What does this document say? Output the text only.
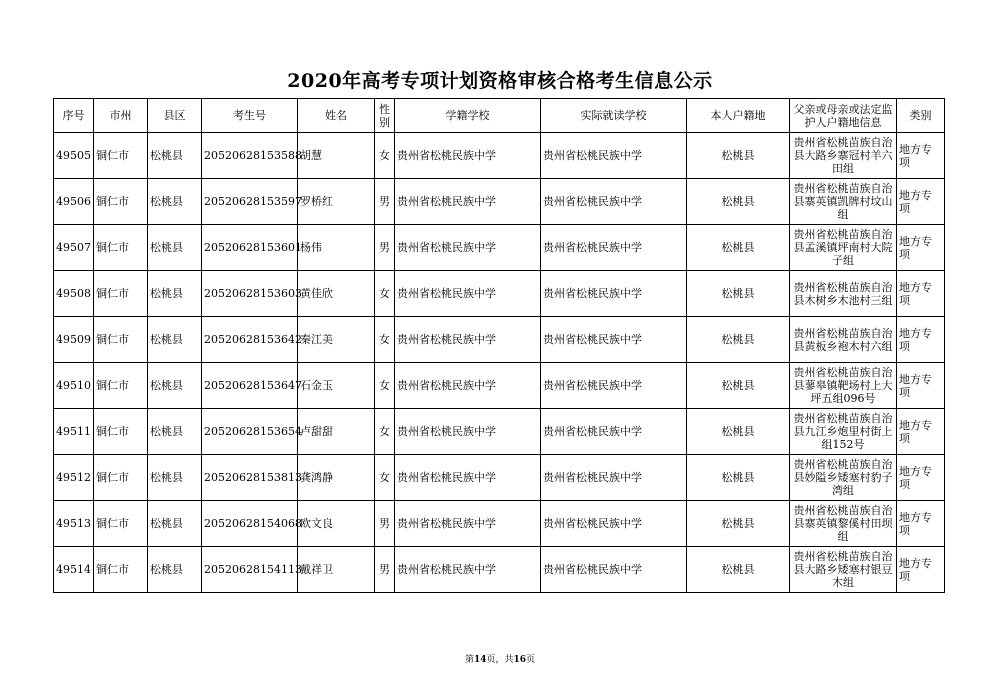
2020年高考专项计划资格审核合格考生信息公示
序号	市州	县区	考生号	姓名	性别	学籍学校	实际就读学校	本人户籍地	父亲或母亲或法定监护人户籍地信息	类别
49505	铜仁市	松桃县	20520628153588	胡慧	女	贵州省松桃民族中学	贵州省松桃民族中学	松桃县	贵州省松桃苗族自治县大路乡寨冠村羊六田组	地方专项
49506	铜仁市	松桃县	20520628153597	罗桥红	男	贵州省松桃民族中学	贵州省松桃民族中学	松桃县	贵州省松桃苗族自治县寨英镇凯牌村坟山组	地方专项
49507	铜仁市	松桃县	20520628153601	杨伟	男	贵州省松桃民族中学	贵州省松桃民族中学	松桃县	贵州省松桃苗族自治县孟溪镇坪南村大院子组	地方专项
49508	铜仁市	松桃县	20520628153603	黄佳欣	女	贵州省松桃民族中学	贵州省松桃民族中学	松桃县	贵州省松桃苗族自治县木树乡木池村三组	地方专项
49509	铜仁市	松桃县	20520628153642	秦江美	女	贵州省松桃民族中学	贵州省松桃民族中学	松桃县	贵州省松桃苗族自治县黄板乡袍木村六组	地方专项
49510	铜仁市	松桃县	20520628153647	石金玉	女	贵州省松桃民族中学	贵州省松桃民族中学	松桃县	贵州省松桃苗族自治县蓼皋镇靶场村上大坪五组096号	地方专项
49511	铜仁市	松桃县	20520628153654	卢甜甜	女	贵州省松桃民族中学	贵州省松桃民族中学	松桃县	贵州省松桃苗族自治县九江乡炮里村街上组152号	地方专项
49512	铜仁市	松桃县	20520628153813	龚鸿静	女	贵州省松桃民族中学	贵州省松桃民族中学	松桃县	贵州省松桃苗族自治县妙隘乡矮塞村豹子湾组	地方专项
49513	铜仁市	松桃县	20520628154068	欧文良	男	贵州省松桃民族中学	贵州省松桃民族中学	松桃县	贵州省松桃苗族自治县寨英镇黎傒村田坝组	地方专项
49514	铜仁市	松桃县	20520628154113	戴祥卫	男	贵州省松桃民族中学	贵州省松桃民族中学	松桃县	贵州省松桃苗族自治县大路乡矮塞村银豆木组	地方专项
第14页，共16页
